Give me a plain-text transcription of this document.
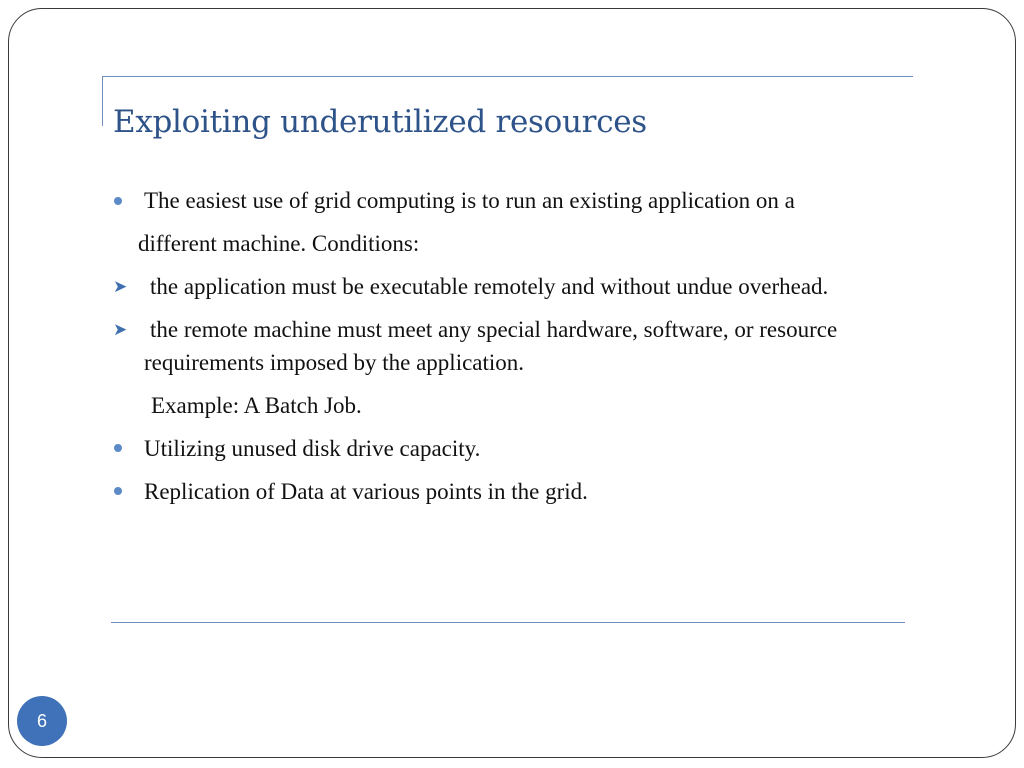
Exploiting underutilized resources
The easiest use of grid computing is to run an existing application on a
different machine. Conditions:
➤ the application must be executable remotely and without undue overhead.
➤ the remote machine must meet any special hardware, software, or resource
requirements imposed by the application.
Example: A Batch Job.
Utilizing unused disk drive capacity.
Replication of Data at various points in the grid.
6
